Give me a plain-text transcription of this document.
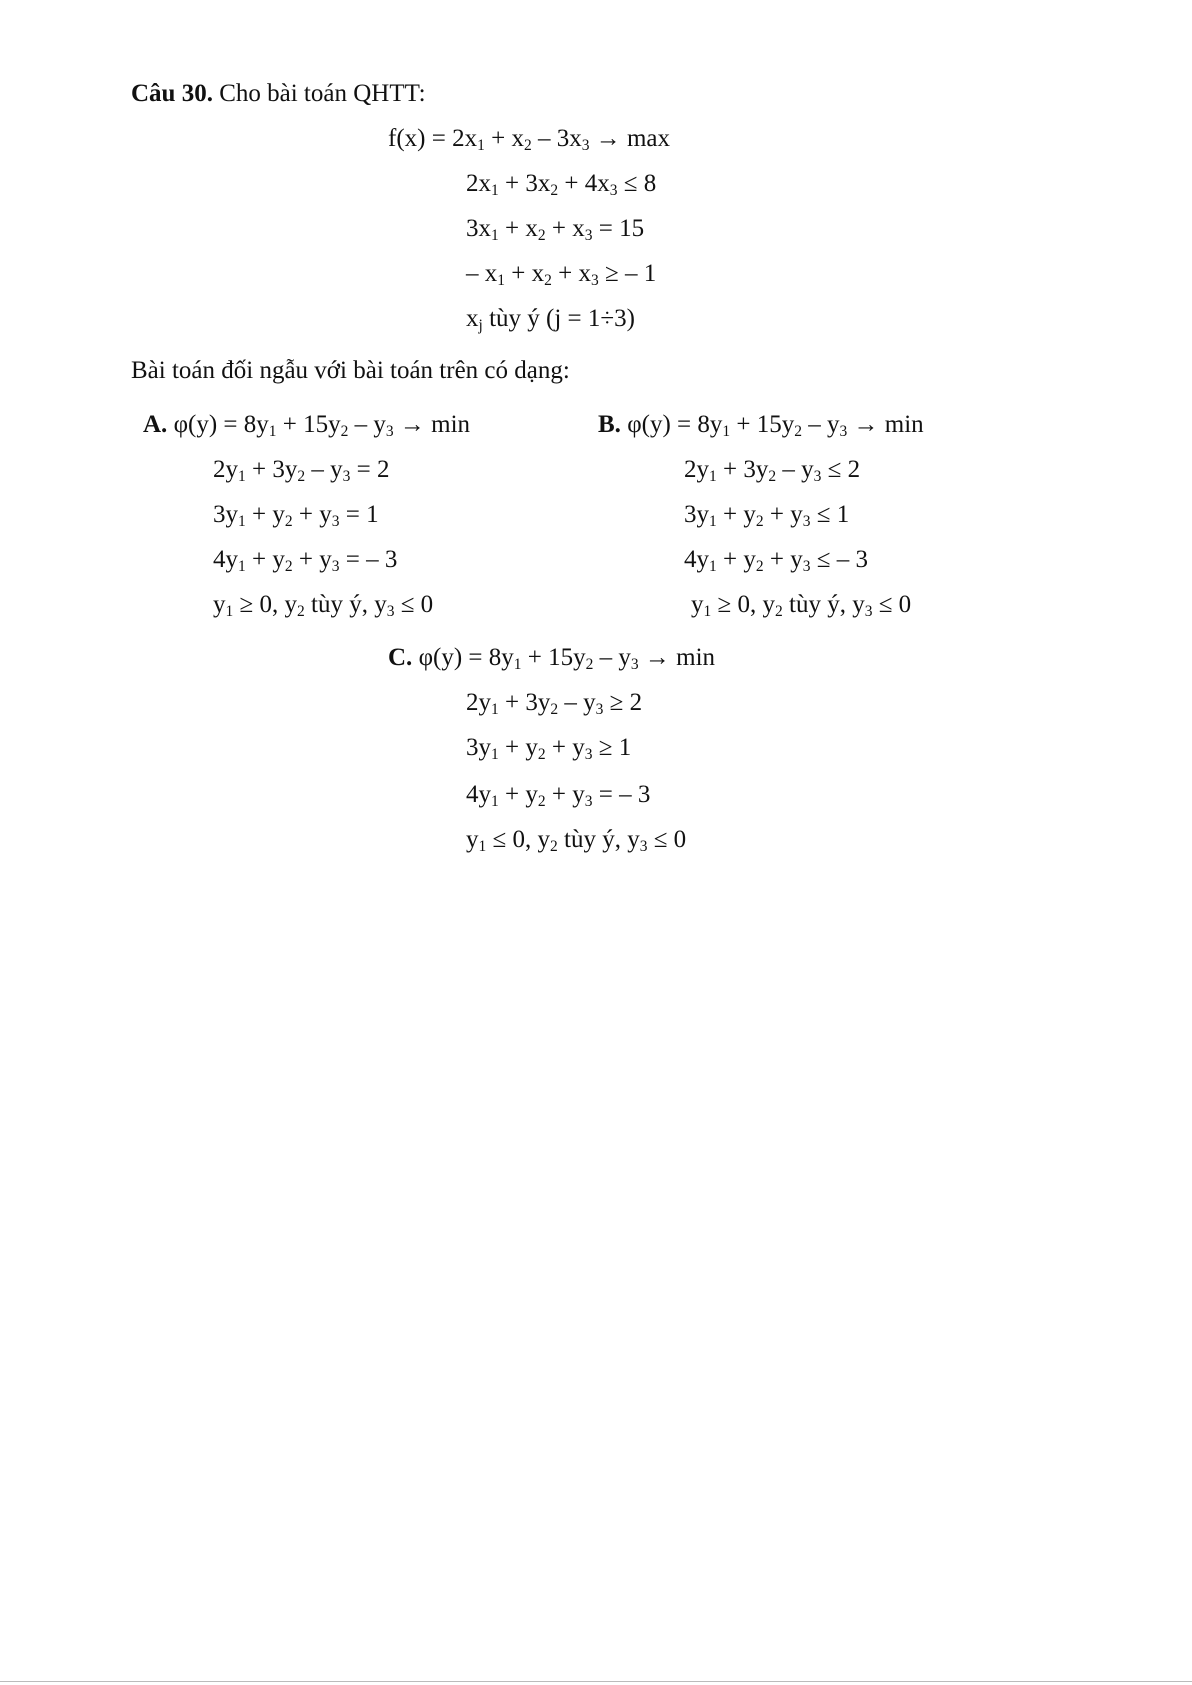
Câu 30. Cho bài toán QHTT:
$f(x) = 2x_1 + x_2 - 3x_3 \to \max$
$2x_1 + 3x_2 + 4x_3 \le 8$
$3x_1 + x_2 + x_3 = 15$
– $x_1 + x_2 + x_3$ ≥ – 1
$x_j$ tùy ý (j = 1÷3)
Bài toán đối ngẫu với bài toán trên có dạng:
A. $\varphi(y) = 8y_1 + 15y_2 - y_3 \to \min$
$2y_1 + 3y_2 - y_3 = 2$
$3y_1 + y_2 + y_3 = 1$
$4y_1 + y_2 + y_3$ = – 3
$y_1 \ge 0$, $y_2$ tùy ý, $y_3 \le 0$
B. $\varphi(y) = 8y_1 + 15y_2 - y_3 \to \min$
$2y_1 + 3y_2 - y_3 \le 2$
$3y_1 + y_2 + y_3 \le 1$
$4y_1 + y_2 + y_3$ ≤ – 3
$y_1 \ge 0$, $y_2$ tùy ý, $y_3 \le 0$
C. $\varphi(y) = 8y_1 + 15y_2 - y_3 \to \min$
$2y_1 + 3y_2 - y_3 \ge 2$
$3y_1 + y_2 + y_3 \ge 1$
$4y_1 + y_2 + y_3$ = – 3
$y_1 \le 0$, $y_2$ tùy ý, $y_3 \le 0$
